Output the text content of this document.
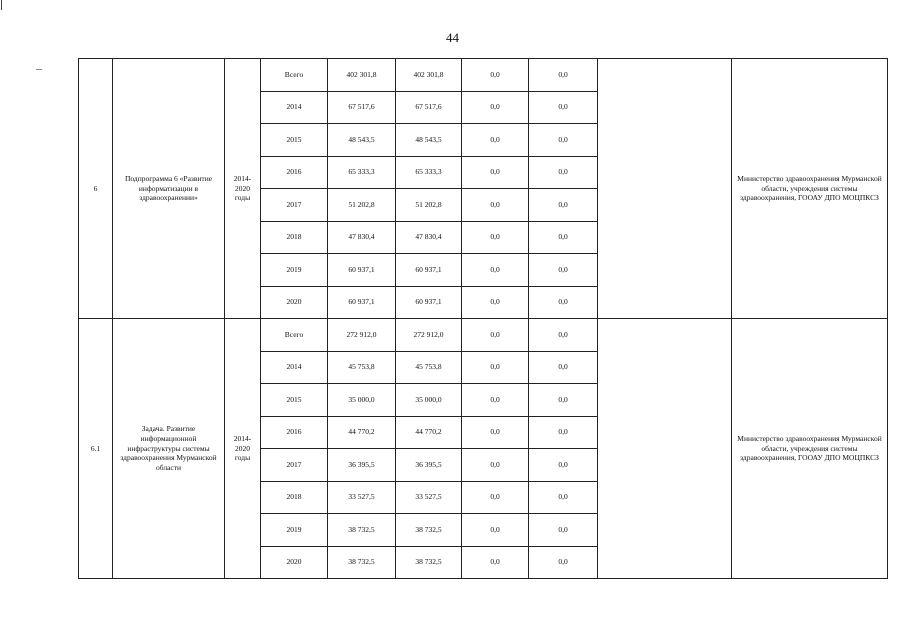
44
6	Подпрограмма 6 «Развитие информатизации в здравоохранении»	2014-2020 годы	Всего	402 301,8	402 301,8	0,0	0,0		Министерство здравоохранения Мурманской области, учреждения системы здравоохранения, ГООАУ ДПО МОЦПКСЗ
			2014	67 517,6	67 517,6	0,0	0,0		
			2015	48 543,5	48 543,5	0,0	0,0		
			2016	65 333,3	65 333,3	0,0	0,0		
			2017	51 202,8	51 202,8	0,0	0,0		
			2018	47 830,4	47 830,4	0,0	0,0		
			2019	60 937,1	60 937,1	0,0	0,0		
			2020	60 937,1	60 937,1	0,0	0,0		
6.1	Задача. Развитие информационной инфраструктуры системы здравоохранения Мурманской области	2014-2020 годы	Всего	272 912,0	272 912,0	0,0	0,0		Министерство здравоохранения Мурманской области, учреждения системы здравоохранения, ГООАУ ДПО МОЦПКСЗ
			2014	45 753,8	45 753,8	0,0	0,0		
			2015	35 000,0	35 000,0	0,0	0,0		
			2016	44 770,2	44 770,2	0,0	0,0		
			2017	36 395,5	36 395,5	0,0	0,0		
			2018	33 527,5	33 527,5	0,0	0,0		
			2019	38 732,5	38 732,5	0,0	0,0		
			2020	38 732,5	38 732,5	0,0	0,0		
